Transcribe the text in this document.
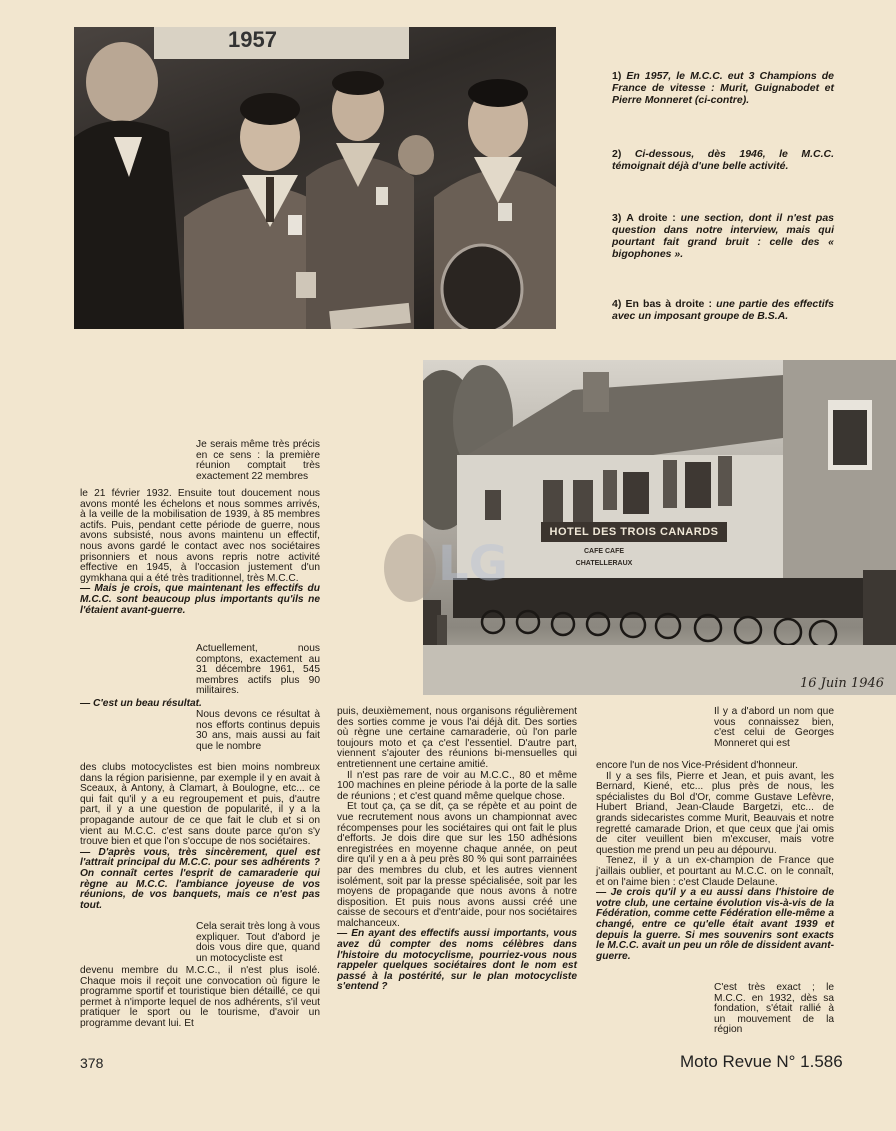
1957
1) En 1957, le M.C.C. eut 3 Champions de France de vitesse : Murit, Guignabodet et Pierre Monneret (ci-contre).
2) Ci-dessous, dès 1946, le M.C.C. témoignait déjà d'une belle activité.
3) A droite : une section, dont il n'est pas question dans notre interview, mais qui pourtant fait grand bruit : celle des « bigophones ».
4) En bas à droite : une partie des effectifs avec un imposant groupe de B.S.A.
HOTEL DES TROIS CANARDS
CAFE CAFE CHATELLERAUX
16 Juin 1946
LG

Je serais même très précis en ce sens : la première réunion comptait très exactement 22 membres

le 21 février 1932. Ensuite tout doucement nous avons monté les échelons et nous sommes arrivés, à la veille de la mobilisation de 1939, à 85 membres actifs. Puis, pendant cette période de guerre, nous avons subsisté, nous avons maintenu un effectif, nous avons gardé le contact avec nos sociétaires prisonniers et nous avons repris notre activité effective en 1945, à l'occasion justement d'un gymkhana qui a été très traditionnel, très M.C.C.

— Mais je crois, que maintenant les effectifs du M.C.C. sont beaucoup plus importants qu'ils ne l'étaient avant-guerre.

Actuellement, nous comptons, exactement au 31 décembre 1961, 545 membres actifs plus 90 militaires.

— C'est un beau résultat.

Nous devons ce résultat à nos efforts continus depuis 30 ans, mais aussi au fait que le nombre

des clubs motocyclistes est bien moins nombreux dans la région parisienne, par exemple il y en avait à Sceaux, à Antony, à Clamart, à Boulogne, etc... ce qui fait qu'il y a eu regroupement et puis, d'autre part, il y a une question de popularité, il y a la propagande autour de ce que fait le club et si on vient au M.C.C. c'est sans doute parce qu'on s'y trouve bien et que l'on s'occupe de nos sociétaires.

— D'après vous, très sincèrement, quel est l'attrait principal du M.C.C. pour ses adhérents ? On connaît certes l'esprit de camaraderie qui règne au M.C.C. l'ambiance joyeuse de vos réunions, de vos banquets, mais ce n'est pas tout.

Cela serait très long à vous expliquer. Tout d'abord je dois vous dire que, quand un motocycliste est

devenu membre du M.C.C., il n'est plus isolé. Chaque mois il reçoit une convocation où figure le programme sportif et touristique bien détaillé, ce qui permet à n'importe lequel de nos adhérents, s'il veut pratiquer le sport ou le tourisme, d'avoir un programme devant lui. Et

puis, deuxièmement, nous organisons régulièrement des sorties comme je vous l'ai déjà dit. Des sorties où règne une certaine camaraderie, où l'on parle toujours moto et ça c'est l'essentiel. D'autre part, viennent s'ajouter des réunions bi-mensuelles qui entretiennent une certaine amitié.

Il n'est pas rare de voir au M.C.C., 80 et même 100 machines en pleine période à la porte de la salle de réunions ; et c'est quand même quelque chose.

Et tout ça, ça se dit, ça se répète et au point de vue recrutement nous avons un championnat avec récompenses pour les sociétaires qui ont fait le plus d'efforts. Je dois dire que sur les 150 adhésions enregistrées en moyenne chaque année, on peut dire qu'il y en a à peu près 80 % qui sont parrainées par des membres du club, et les autres viennent isolément, soit par la presse spécialisée, soit par les moyens de propagande que nous avons à notre disposition. Et puis nous avons aussi créé une caisse de secours et d'entr'aide, pour nos sociétaires malchanceux.

— En ayant des effectifs aussi importants, vous avez dû compter des noms célèbres dans l'histoire du motocyclisme, pourriez-vous nous rappeler quelques sociétaires dont le nom est passé à la postérité, sur le plan motocycliste s'entend ?

Il y a d'abord un nom que vous connaissez bien, c'est celui de Georges Monneret qui est

encore l'un de nos Vice-Président d'honneur.

Il y a ses fils, Pierre et Jean, et puis avant, les Bernard, Kiené, etc... plus près de nous, les spécialistes du Bol d'Or, comme Gustave Lefèvre, Hubert Briand, Jean-Claude Bargetzi, etc... de grands sidecaristes comme Murit, Beauvais et notre regretté camarade Drion, et que ceux que j'ai omis de citer veuillent bien m'excuser, mais votre question me prend un peu au dépourvu.

Tenez, il y a un ex-champion de France que j'aillais oublier, et pourtant au M.C.C. on le connaît, et on l'aime bien : c'est Claude Delaune.

— Je crois qu'il y a eu aussi dans l'histoire de votre club, une certaine évolution vis-à-vis de la Fédération, comme cette Fédération elle-même a changé, entre ce qu'elle était avant 1939 et depuis la guerre. Si mes souvenirs sont exacts le M.C.C. avait un peu un rôle de dissident avant-guerre.

C'est très exact ; le M.C.C. en 1932, dès sa fondation, s'était rallié à un mouvement de la région

378	Moto Revue N° 1.586
